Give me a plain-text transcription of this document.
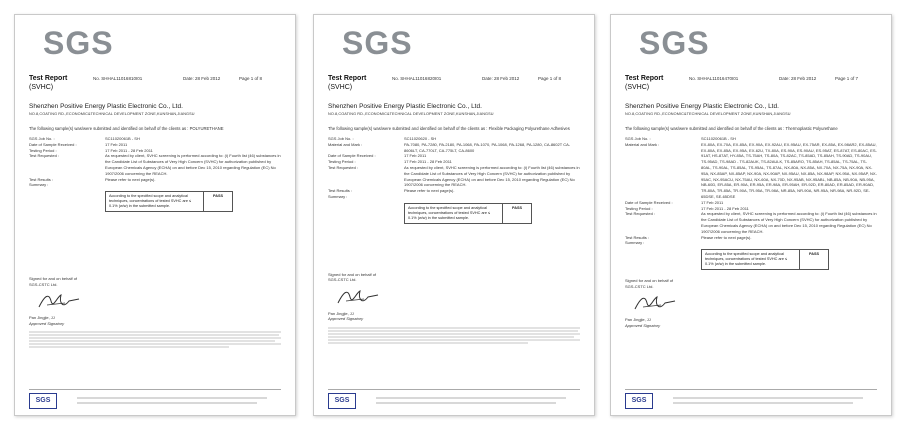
SGS
Test Report
(SVHC)
No. SHHAL11016810I01	Date: 28 Feb 2012	Page 1 of 8
Shenzhen Positive Energy Plastic Electronic Co., Ltd.
NO.8,COATING RD.,ECONOMIC&TECHNICAL DEVELOPMENT ZONE,KUNSHAN,JIANGSU
The following sample(s) was/were submitted and identified on behalf of the clients as : POLYURETHANE
SGS Job No. :	SC11020061B - SH
Date of Sample Received :	17 Feb 2011
Testing Period :	17 Feb 2011 - 28 Feb 2011
Test Requested :	As requested by client, SVHC screening is performed according to: (i) Fourth list (46) substances in the Candidate List of Substances of Very High Concern (SVHC) for authorization published by European Chemicals Agency (ECHA) on and before Dec 15, 2010 regarding Regulation (EC) No 1907/2006 concerning the REACH.
Test Results :	Please refer to next page(s).
Summary :
According to the specified scope and analytical techniques, concentrations of tested SVHC are ≤ 0.1% (w/w) in the submitted sample.
PASS
Signed for and on behalf of
SGS-CSTC Ltd.
Pan Jingjie, JJ
Approved Signatory
SGS
SGS
Test Report
(SVHC)
No. SHHAL11016820I01	Date: 28 Feb 2012	Page 1 of 8
Shenzhen Positive Energy Plastic Electronic Co., Ltd.
NO.8,COATING RD.,ECONOMIC&TECHNICAL DEVELOPMENT ZONE,KUNSHAN,JIANGSU
The following sample(s) was/were submitted and identified on behalf of the clients as : Flexible Packaging Polyurethane Adhesives
SGS Job No. :	SC11020620 - SH
Material and Mark :	PA-7080, PA-7280, PA-2180, PA-1068, PA-1070, PA-1068, PA-1268, PA-1280, CA-8602T CA-8606LT, CA-770LT, CA-775LT, CA-8600
Date of Sample Received :	17 Feb 2011
Testing Period :	17 Feb 2011 - 28 Feb 2011
Test Requested :	As requested by client, SVHC screening is performed according to: (i) Fourth list (46) substances in the Candidate List of Substances of Very High Concern (SVHC) for authorization published by European Chemicals Agency (ECHA) on and before Dec 15, 2010 regarding Regulation (EC) No 1907/2006 concerning the REACH.
Test Results :	Please refer to next page(s).
Summary :
According to the specified scope and analytical techniques, concentrations of tested SVHC are ≤ 0.1% (w/w) in the submitted sample.
PASS
Signed for and on behalf of
SGS-CSTC Ltd.
Pan Jingjie, JJ
Approved Signatory
SGS
SGS
Test Report
(SVHC)
No. SHHAL11016470I01	Date: 28 Feb 2012	Page 1 of 7
Shenzhen Positive Energy Plastic Electronic Co., Ltd.
NO.8,COATING RD.,ECONOMIC&TECHNICAL DEVELOPMENT ZONE,KUNSHAN,JIANGSU
The following sample(s) was/were submitted and identified on behalf of the clients as : Thermoplastic Polyurethane
SGS Job No. :	SC11020061B - SH
Material and Mark :	EX-80A, EX-70A, EX-85A, EX-90A, EX-92AU, EX-95AU, EX-75AR, EX-85A, EX-98AR2, EX-85AU, EX-80A, EX-85A, EX-95A, EX-62U, TX-80A, ES-90A, ES-90AU, ES-95AT, ES-87AT, ES-80AC, ES-91AT, HS-87AT, HY-85A, TS-75AH, TS-80A, TS-82AC, TS-85AD, TS-85AH, TS-90AD, TS-90AU, TS-95AD, TS-98AD - TS-82AUK, TS-82AULK, TS-85ARO, TS-85AH, TS-85AL, TS-75AL, TS-80AL, TS-90AL, TS-85AL, TS-95AL, TS-87AL, NX-80A, NX-85A, NX-70A, NX-75A, NX-90A, NX-95A, NX-85AP, NX-85AP, NX-90A, NX-90AP, NX-95AU, NX-85A, NX-98AP, NX-95A, NX-95AP, NX-95AC, NX-95ACU, NX-75AU, NX-60A, NX-70D, NX-95AB, NX-95ABL, NB-85A, NB-90A, NB-95A, NB-60D, ER-85A, ER-90A, ER-95A, ER-98A, ER-95AH, ER-92D, ER-80AD, ER-85AD, ER-90AD, TR-80A, TR-85A, TR-90A, TR-95A, TR-98A, NR-85A, NR-90A, NR-95A, NR-98A, NR-92D, SE-65DSE, SE-65DSE
Date of Sample Received :	17 Feb 2011
Testing Period :	17 Feb 2011 - 28 Feb 2011
Test Requested :	As requested by client, SVHC screening is performed according to: (i) Fourth list (46) substances in the Candidate List of Substances of Very High Concern (SVHC) for authorization published by European Chemicals Agency (ECHA) on and before Dec 15, 2010 regarding Regulation (EC) No 1907/2006 concerning the REACH.
Test Results :	Please refer to next page(s).
Summary :
According to the specified scope and analytical techniques, concentrations of tested SVHC are ≤ 0.1% (w/w) in the submitted sample.
PASS
Signed for and on behalf of
SGS-CSTC Ltd.
Pan Jingjie, JJ
Approved Signatory
SGS
